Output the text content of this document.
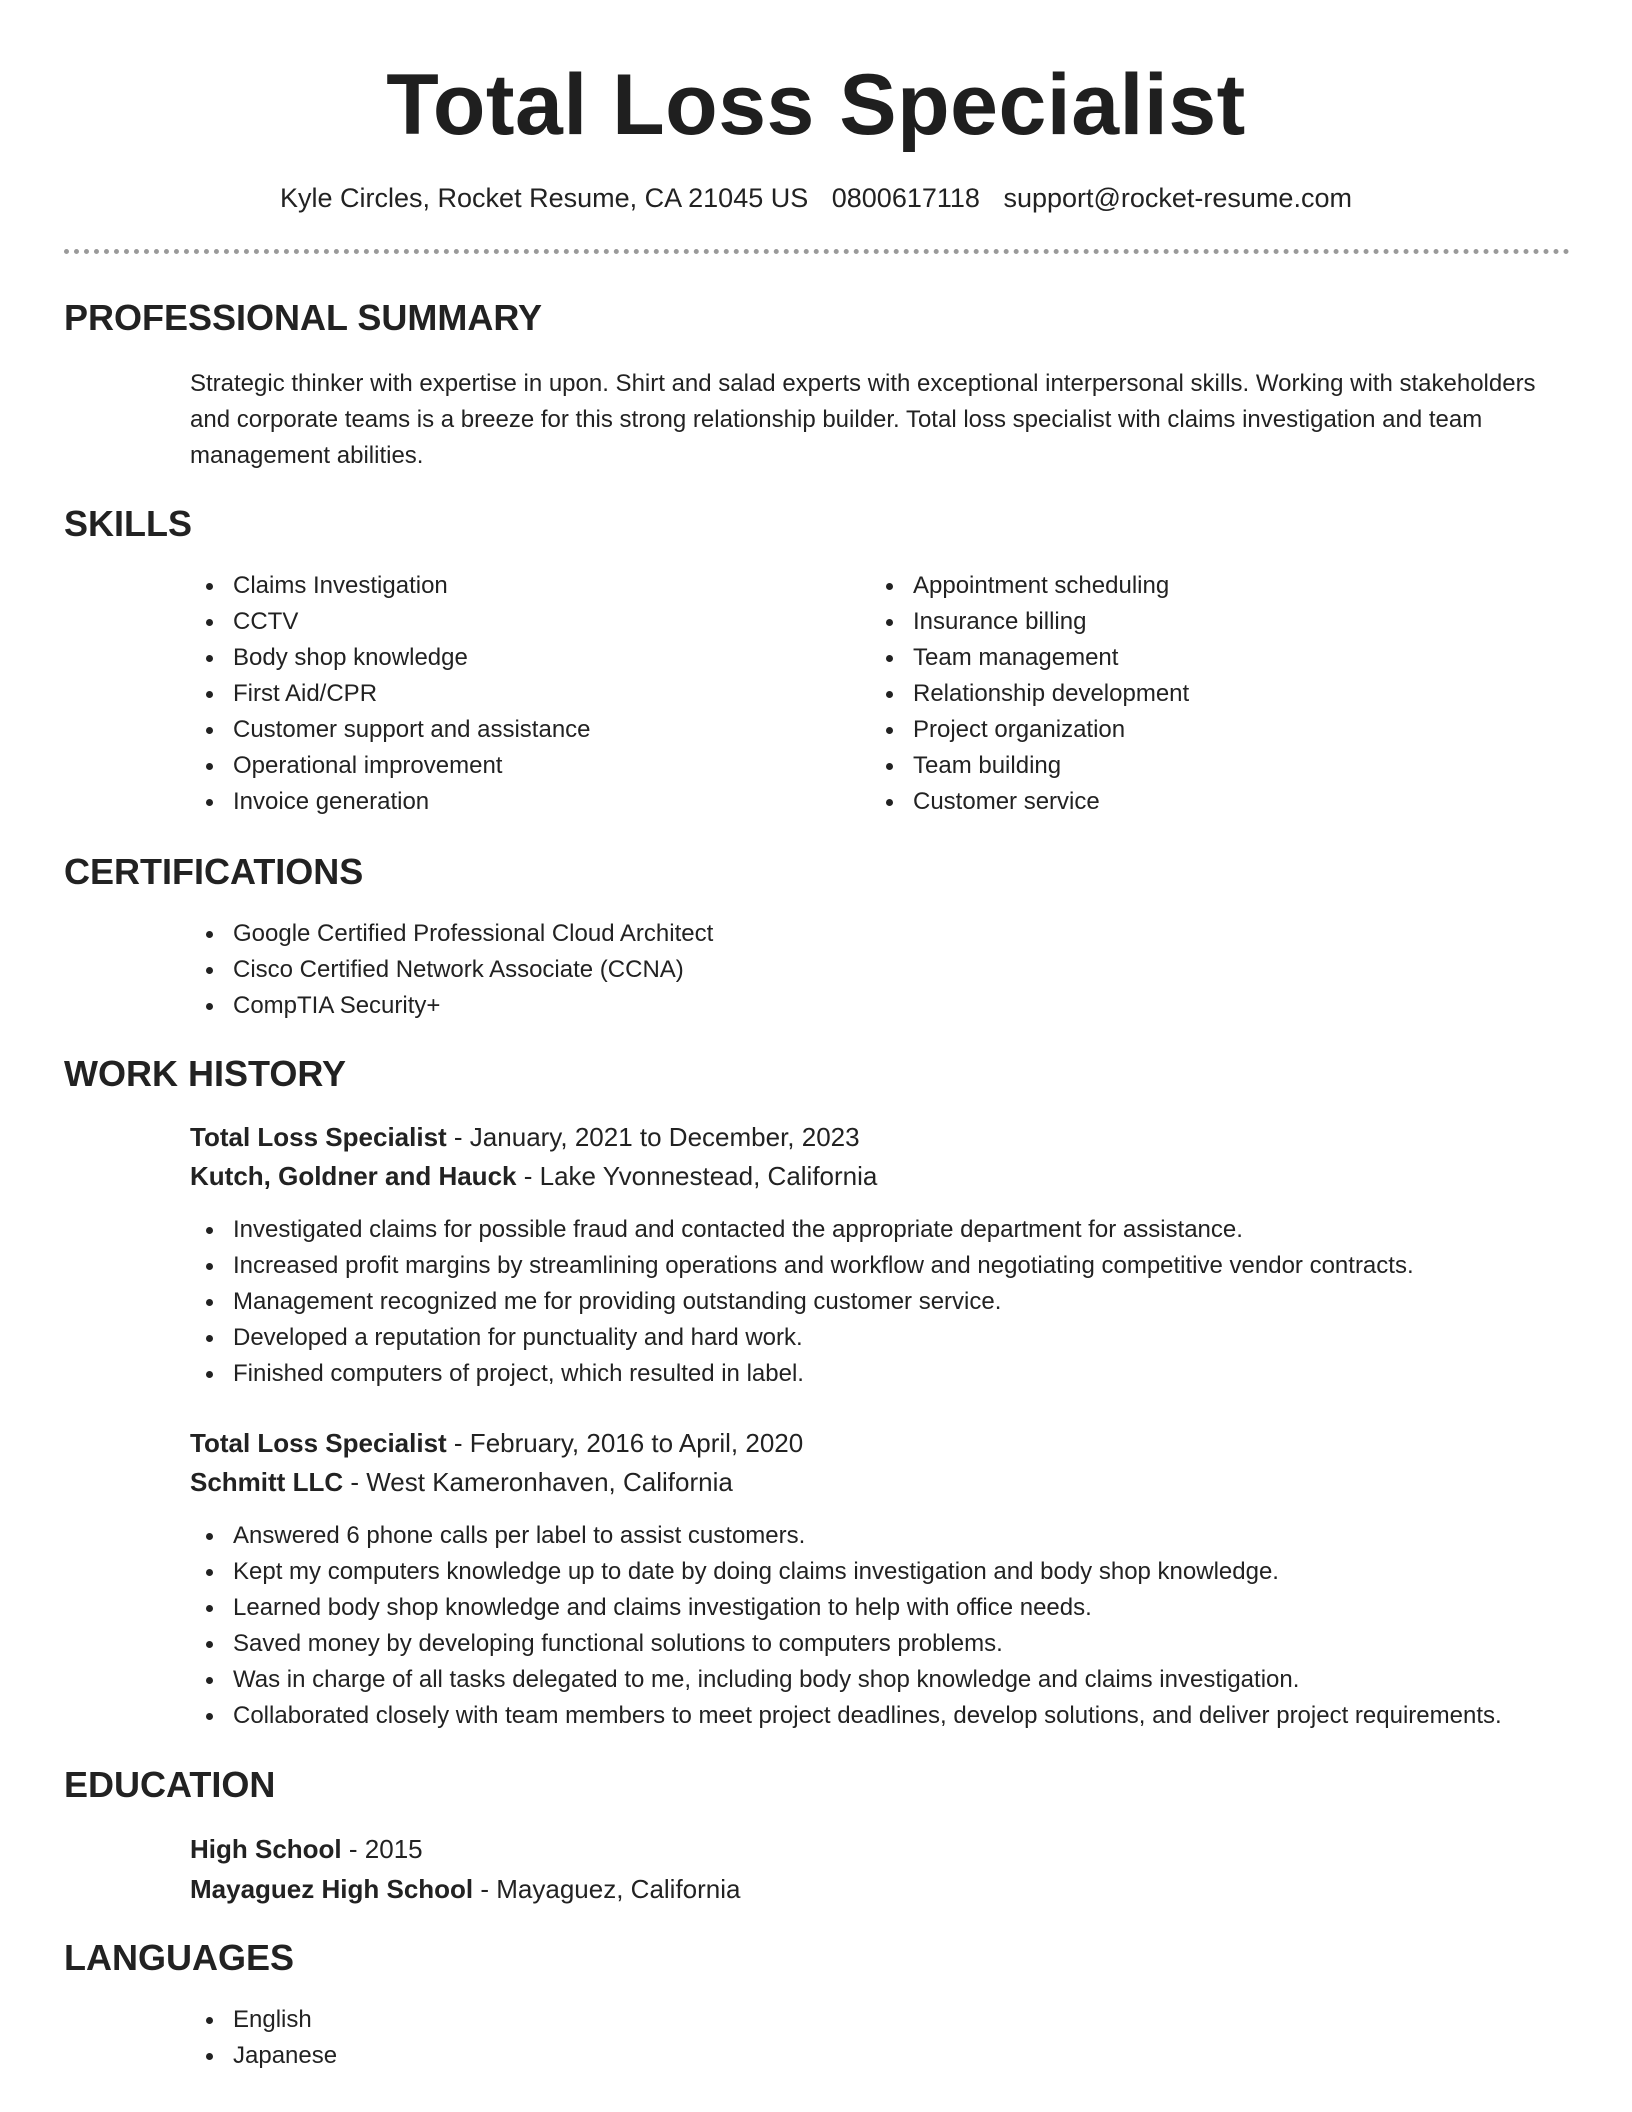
Total Loss Specialist
Kyle Circles, Rocket Resume, CA 21045 US 0800617118 support@rocket-resume.com
PROFESSIONAL SUMMARY

Strategic thinker with expertise in upon. Shirt and salad experts with exceptional interpersonal skills. Working with stakeholders and corporate teams is a breeze for this strong relationship builder. Total loss specialist with claims investigation and team management abilities.

SKILLS
Claims Investigation
CCTV
Body shop knowledge
First Aid/CPR
Customer support and assistance
Operational improvement
Invoice generation
Appointment scheduling
Insurance billing
Team management
Relationship development
Project organization
Team building
Customer service
CERTIFICATIONS
Google Certified Professional Cloud Architect
Cisco Certified Network Associate (CCNA)
CompTIA Security+
WORK HISTORY
Total Loss Specialist - January, 2021 to December, 2023
Kutch, Goldner and Hauck - Lake Yvonnestead, California
Investigated claims for possible fraud and contacted the appropriate department for assistance.
Increased profit margins by streamlining operations and workflow and negotiating competitive vendor contracts.
Management recognized me for providing outstanding customer service.
Developed a reputation for punctuality and hard work.
Finished computers of project, which resulted in label.
Total Loss Specialist - February, 2016 to April, 2020
Schmitt LLC - West Kameronhaven, California
Answered 6 phone calls per label to assist customers.
Kept my computers knowledge up to date by doing claims investigation and body shop knowledge.
Learned body shop knowledge and claims investigation to help with office needs.
Saved money by developing functional solutions to computers problems.
Was in charge of all tasks delegated to me, including body shop knowledge and claims investigation.
Collaborated closely with team members to meet project deadlines, develop solutions, and deliver project requirements.
EDUCATION
High School - 2015
Mayaguez High School - Mayaguez, California
LANGUAGES
English
Japanese
